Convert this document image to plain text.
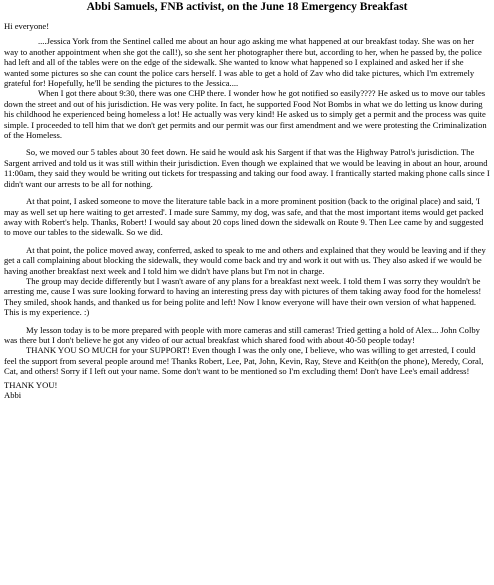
Abbi Samuels, FNB activist, on the June 18 Emergency Breakfast

Hi everyone!

....Jessica York from the Sentinel called me about an hour ago asking me what happened at our breakfast today. She was on her way to another appointment when she got the call!), so she sent her photographer there but, according to her, when he passed by, the police had left and all of the tables were on the edge of the sidewalk. She wanted to know what happened so I explained and asked her if she wanted some pictures so she can count the police cars herself. I was able to get a hold of Zav who did take pictures, which I'm extremely grateful for! Hopefully, he'll be sending the pictures to the Jessica....

When I got there about 9:30, there was one CHP there. I wonder how he got notified so easily???? He asked us to move our tables down the street and out of his jurisdiction. He was very polite. In fact, he supported Food Not Bombs in what we do letting us know during his childhood he experienced being homeless a lot! He actually was very kind! He asked us to simply get a permit and the process was quite simple. I proceeded to tell him that we don't get permits and our permit was our first amendment and we were protesting the Criminalization of the Homeless.

So, we moved our 5 tables about 30 feet down. He said he would ask his Sargent if that was the Highway Patrol's jurisdiction. The Sargent arrived and told us it was still within their jurisdiction. Even though we explained that we would be leaving in about an hour, around 11:00am, they said they would be writing out tickets for trespassing and taking our food away. I frantically started making phone calls since I didn't want our arrests to be all for nothing.

At that point, I asked someone to move the literature table back in a more prominent position (back to the original place) and said, 'I may as well set up here waiting to get arrested'. I made sure Sammy, my dog, was safe, and that the most important items would get packed away with Robert's help. Thanks, Robert! I would say about 20 cops lined down the sidewalk on Route 9. Then Lee came by and suggested to move our tables to the sidewalk. So we did.

At that point, the police moved away, conferred, asked to speak to me and others and explained that they would be leaving and if they get a call complaining about blocking the sidewalk, they would come back and try and work it out with us. They also asked if we would be having another breakfast next week and I told him we didn't have plans but I'm not in charge.

The group may decide differently but I wasn't aware of any plans for a breakfast next week. I told them I was sorry they wouldn't be arresting me, cause I was sure looking forward to having an interesting press day with pictures of them taking away food for the homeless! They smiled, shook hands, and thanked us for being polite and left! Now I know everyone will have their own version of what happened. This is my experience. :)

My lesson today is to be more prepared with people with more cameras and still cameras! Tried getting a hold of Alex... John Colby was there but I don't believe he got any video of our actual breakfast which shared food with about 40-50 people today!

THANK YOU SO MUCH for your SUPPORT! Even though I was the only one, I believe, who was willing to get arrested, I could feel the support from several people around me! Thanks Robert, Lee, Pat, John, Kevin, Ray, Steve and Keith(on the phone), Meredy, Coral, Cat, and others! Sorry if I left out your name. Some don't want to be mentioned so I'm excluding them! Don't have Lee's email address!

THANK YOU!

Abbi
